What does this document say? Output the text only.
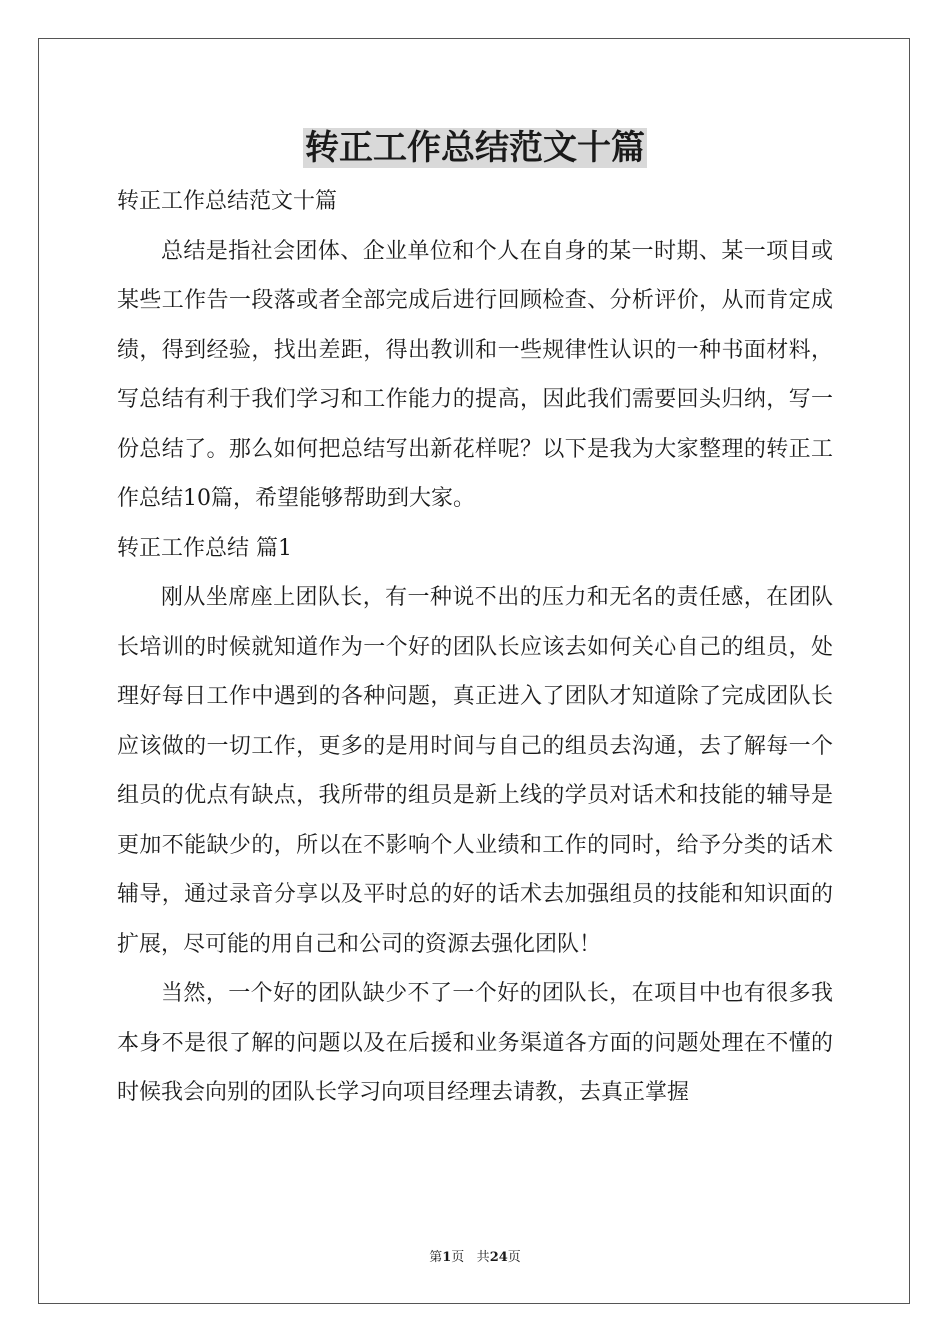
转正工作总结范文十篇

转正工作总结范文十篇

总结是指社会团体、企业单位和个人在自身的某一时期、某一项目或某些工作告一段落或者全部完成后进行回顾检查、分析评价，从而肯定成绩，得到经验，找出差距，得出教训和一些规律性认识的一种书面材料，写总结有利于我们学习和工作能力的提高，因此我们需要回头归纳，写一份总结了。那么如何把总结写出新花样呢？以下是我为大家整理的转正工作总结10篇，希望能够帮助到大家。

转正工作总结 篇1

刚从坐席座上团队长，有一种说不出的压力和无名的责任感，在团队长培训的时候就知道作为一个好的团队长应该去如何关心自己的组员，处理好每日工作中遇到的各种问题，真正进入了团队才知道除了完成团队长应该做的一切工作，更多的是用时间与自己的组员去沟通，去了解每一个组员的优点有缺点，我所带的组员是新上线的学员对话术和技能的辅导是更加不能缺少的，所以在不影响个人业绩和工作的同时，给予分类的话术辅导，通过录音分享以及平时总的好的话术去加强组员的技能和知识面的扩展，尽可能的用自己和公司的资源去强化团队！

当然，一个好的团队缺少不了一个好的团队长，在项目中也有很多我本身不是很了解的问题以及在后援和业务渠道各方面的问题处理在不懂的时候我会向别的团队长学习向项目经理去请教，去真正掌握

第1页 共24页
